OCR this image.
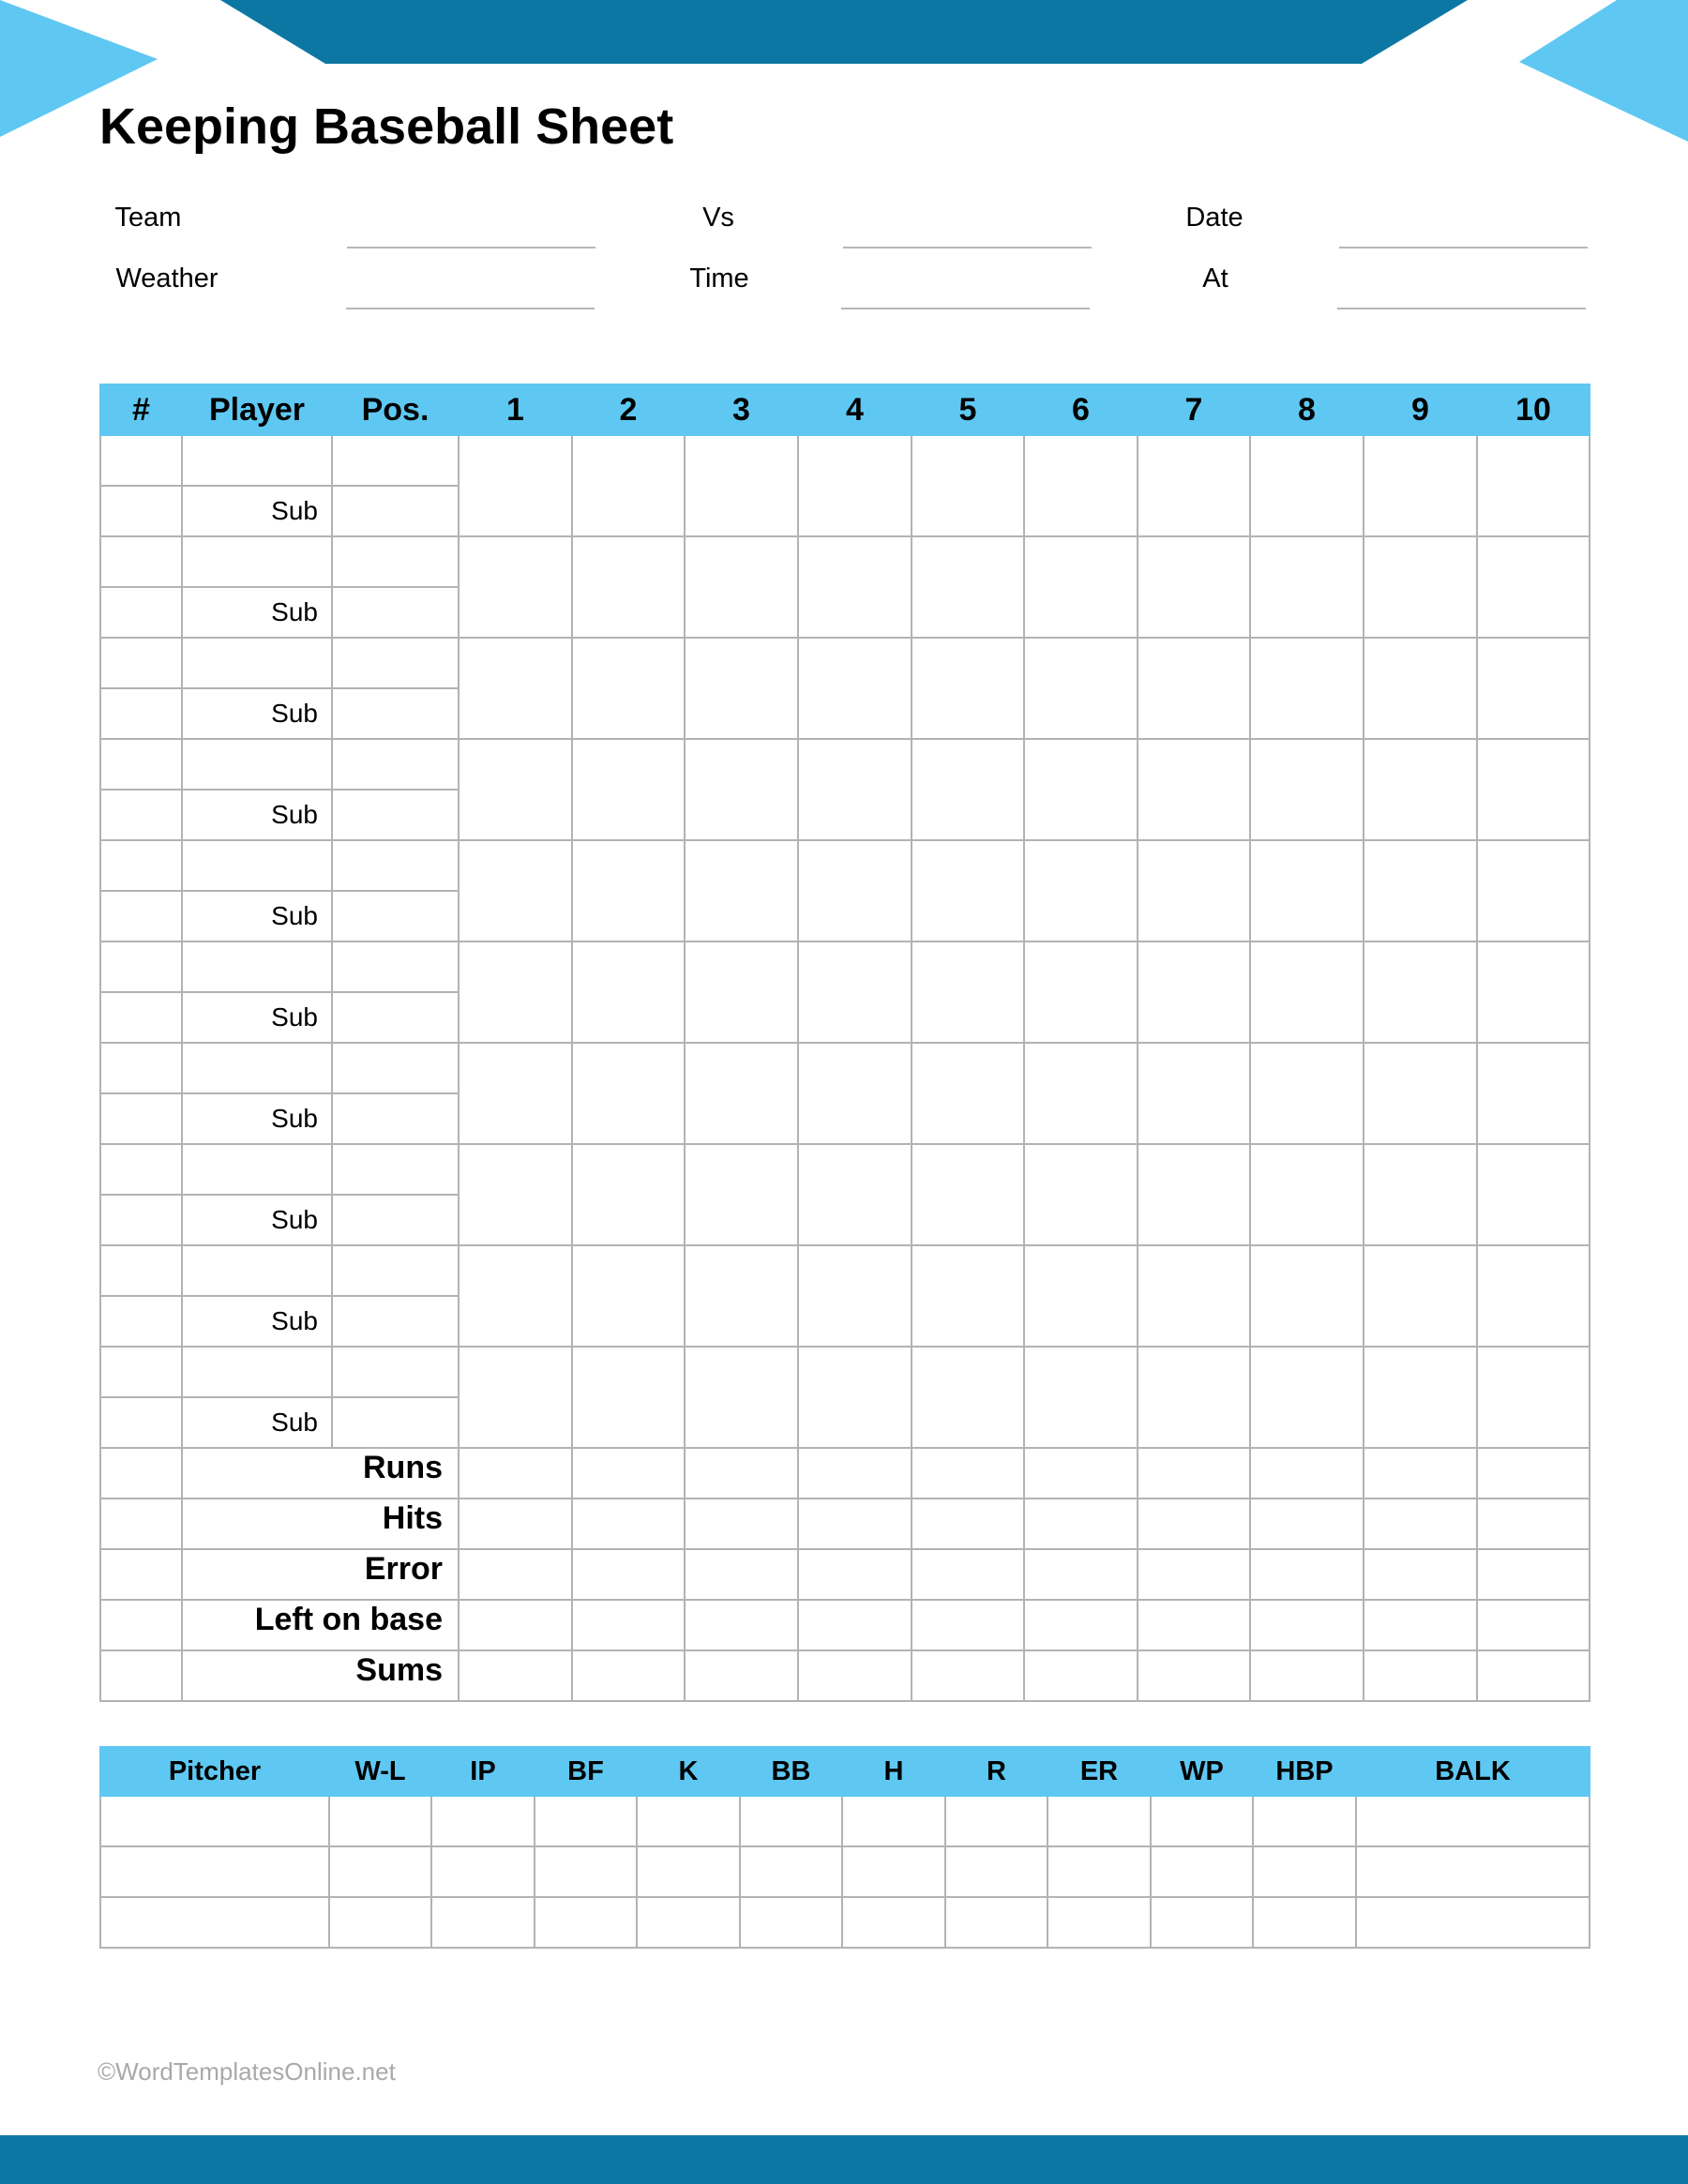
Keeping Baseball Sheet
Team	Vs	Date
Weather	Time	At
#	Player	Pos.	1	2	3	4	5	6	7	8	9	10

	Sub											

	Sub											

	Sub											

	Sub											

	Sub											

	Sub											

	Sub											

	Sub											

	Sub											

	Sub											
	Runs											
	Hits											
	Error											
	Left on base											
	Sums											
Pitcher	W-L	IP	BF	K	BB	H	R	ER	WP	HBP	BALK

©WordTemplatesOnline.net
